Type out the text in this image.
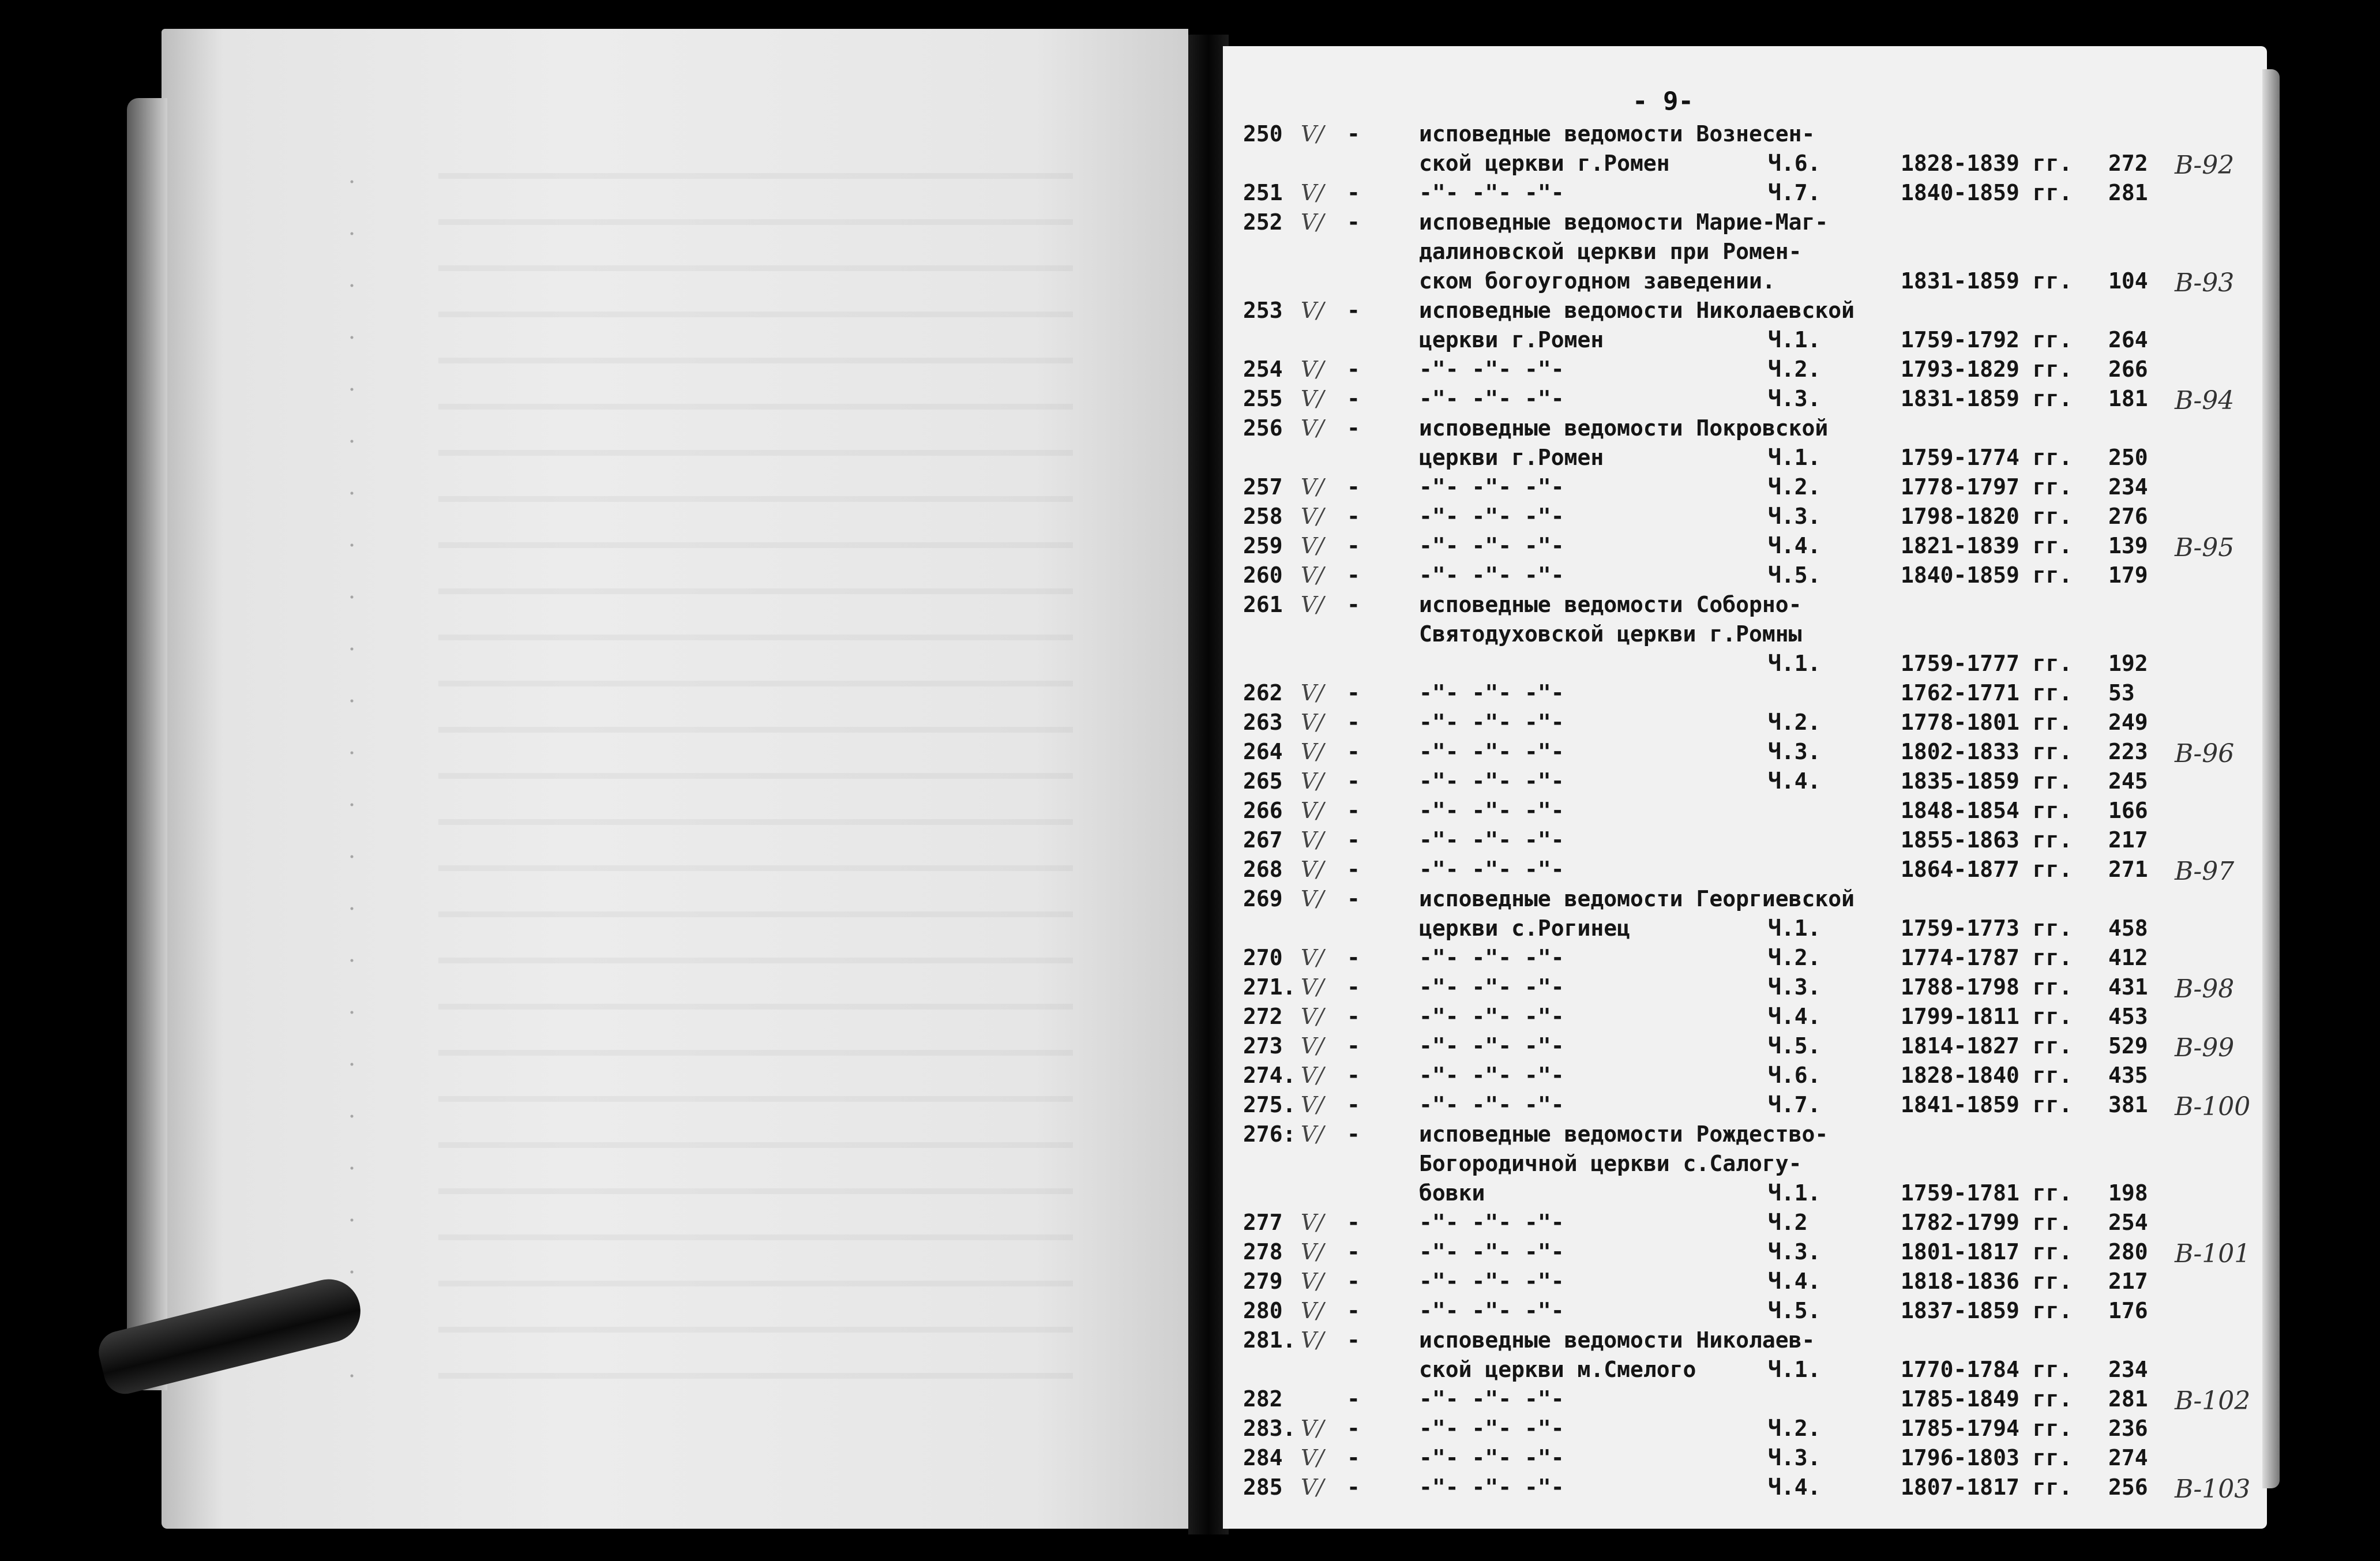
- 9-
250 V/ -	исповедные ведомости Вознесен-
ской церкви г.Ромен	Ч.6.	1828-1839 гг. 272	В-92
251 V/ -	-"- -"- -"-	Ч.7.	1840-1859 гг. 281
252 V/ -	исповедные ведомости Марие-Маг-
далиновской церкви при Ромен-
ском богоугодном заведении.	1831-1859 гг. 104	В-93
253 V/ -	исповедные ведомости Николаевской
церкви г.Ромен	Ч.1.	1759-1792 гг. 264
254 V/ -	-"- -"- -"-	Ч.2.	1793-1829 гг. 266
255 V/ -	-"- -"- -"-	Ч.3.	1831-1859 гг. 181	В-94
256 V/ -	исповедные ведомости Покровской
церкви г.Ромен	Ч.1.	1759-1774 гг. 250
257 V/ -	-"- -"- -"-	Ч.2.	1778-1797 гг. 234
258 V/ -	-"- -"- -"-	Ч.3.	1798-1820 гг. 276
259 V/ -	-"- -"- -"-	Ч.4.	1821-1839 гг. 139	В-95
260 V/ -	-"- -"- -"-	Ч.5.	1840-1859 гг. 179
261 V/ -	исповедные ведомости Соборно-
Святодуховской церкви г.Ромны
Ч.1.	1759-1777 гг. 192
262 V/ -	-"- -"- -"-	1762-1771 гг. 53
263 V/ -	-"- -"- -"-	Ч.2.	1778-1801 гг. 249
264 V/ -	-"- -"- -"-	Ч.3.	1802-1833 гг. 223	В-96
265 V/ -	-"- -"- -"-	Ч.4.	1835-1859 гг. 245
266 V/ -	-"- -"- -"-	1848-1854 гг. 166
267 V/ -	-"- -"- -"-	1855-1863 гг. 217
268 V/ -	-"- -"- -"-	1864-1877 гг. 271	В-97
269 V/ -	исповедные ведомости Георгиевской
церкви с.Рогинец	Ч.1.	1759-1773 гг. 458
270 V/ -	-"- -"- -"-	Ч.2.	1774-1787 гг. 412
271. V/ -	-"- -"- -"-	Ч.3.	1788-1798 гг. 431	В-98
272 V/ -	-"- -"- -"-	Ч.4.	1799-1811 гг. 453
273 V/ -	-"- -"- -"-	Ч.5.	1814-1827 гг. 529	В-99
274. V/ -	-"- -"- -"-	Ч.6.	1828-1840 гг. 435
275. V/ -	-"- -"- -"-	Ч.7.	1841-1859 гг. 381	В-100
276: V/ -	исповедные ведомости Рождество-
Богородичной церкви с.Салогу-
бовки	Ч.1.	1759-1781 гг. 198
277 V/ -	-"- -"- -"-	Ч.2	1782-1799 гг. 254
278 V/ -	-"- -"- -"-	Ч.3.	1801-1817 гг. 280	В-101
279 V/ -	-"- -"- -"-	Ч.4.	1818-1836 гг. 217
280 V/ -	-"- -"- -"-	Ч.5.	1837-1859 гг. 176
281. V/ -	исповедные ведомости Николаев-
ской церкви м.Смелого	Ч.1.	1770-1784 гг. 234
282	-	-"- -"- -"-	1785-1849 гг. 281	В-102
283. V/ -	-"- -"- -"-	Ч.2.	1785-1794 гг. 236
284 V/ -	-"- -"- -"-	Ч.3.	1796-1803 гг. 274
285 V/ -	-"- -"- -"-	Ч.4.	1807-1817 гг. 256	В-103
